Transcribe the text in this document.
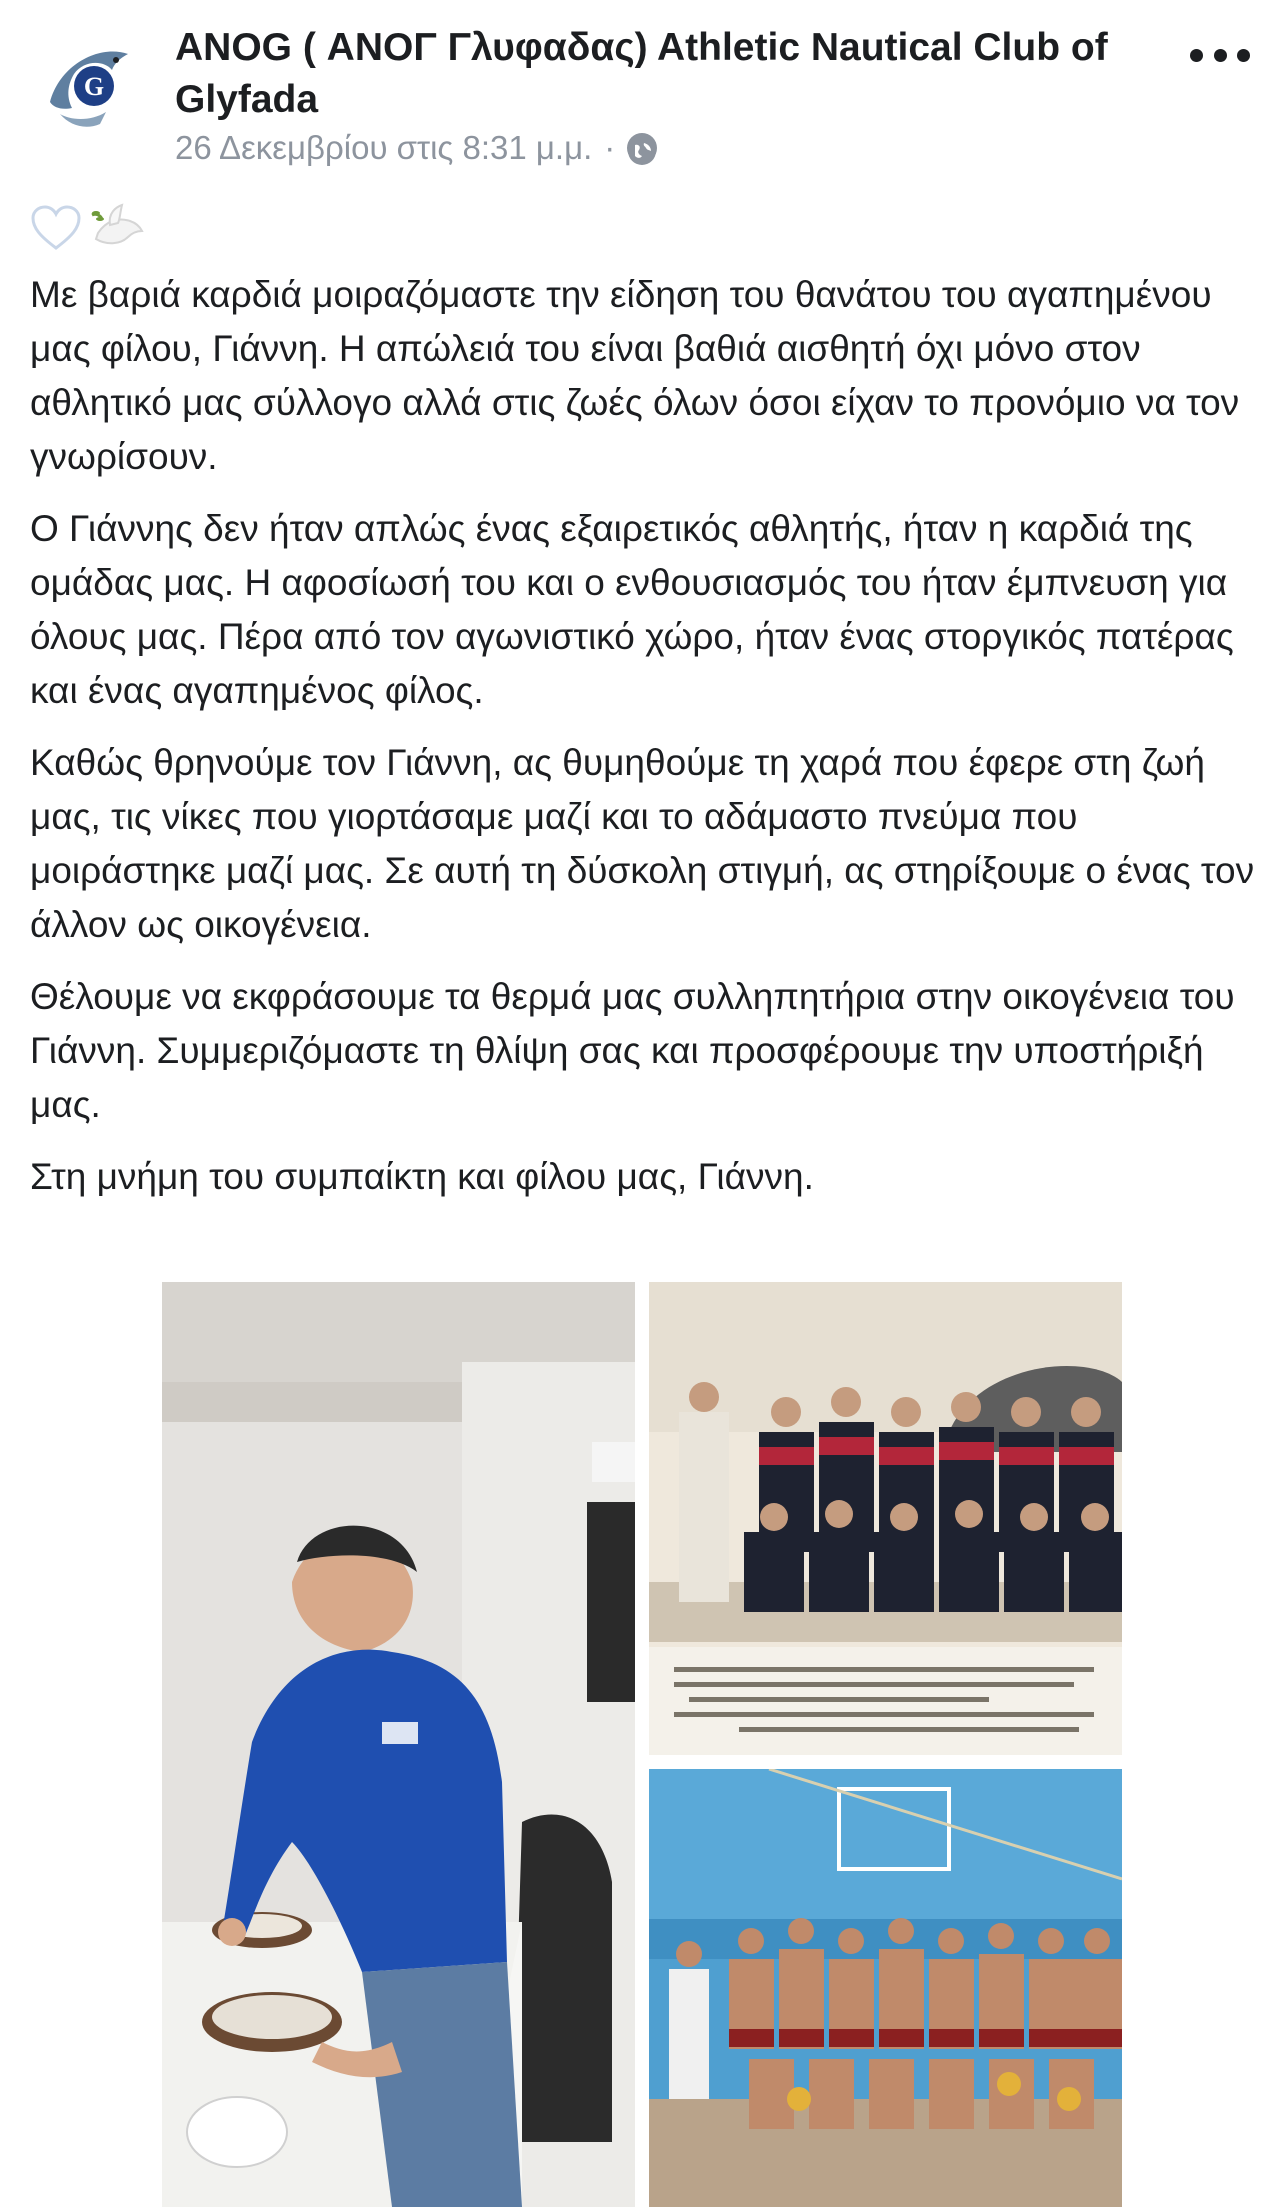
G
ANOG ( ΑΝΟΓ Γλυφαδας) Athletic Nautical Club of Glyfada
26 Δεκεμβρίου στις 8:31 μ.μ. ·

Με βαριά καρδιά μοιραζόμαστε την είδηση του θανάτου του αγαπημένου μας φίλου, Γιάννη. Η απώλειά του είναι βαθιά αισθητή όχι μόνο στον αθλητικό μας σύλλογο αλλά στις ζωές όλων όσοι είχαν το προνόμιο να τον γνωρίσουν.

Ο Γιάννης δεν ήταν απλώς ένας εξαιρετικός αθλητής, ήταν η καρδιά της ομάδας μας. Η αφοσίωσή του και ο ενθουσιασμός του ήταν έμπνευση για όλους μας. Πέρα από τον αγωνιστικό χώρο, ήταν ένας στοργικός πατέρας και ένας αγαπημένος φίλος.

Καθώς θρηνούμε τον Γιάννη, ας θυμηθούμε τη χαρά που έφερε στη ζωή μας, τις νίκες που γιορτάσαμε μαζί και το αδάμαστο πνεύμα που μοιράστηκε μαζί μας. Σε αυτή τη δύσκολη στιγμή, ας στηρίξουμε ο ένας τον άλλον ως οικογένεια.

Θέλουμε να εκφράσουμε τα θερμά μας συλληπητήρια στην οικογένεια του Γιάννη. Συμμεριζόμαστε τη θλίψη σας και προσφέρουμε την υποστήριξή μας.

Στη μνήμη του συμπαίκτη και φίλου μας, Γιάννη.
